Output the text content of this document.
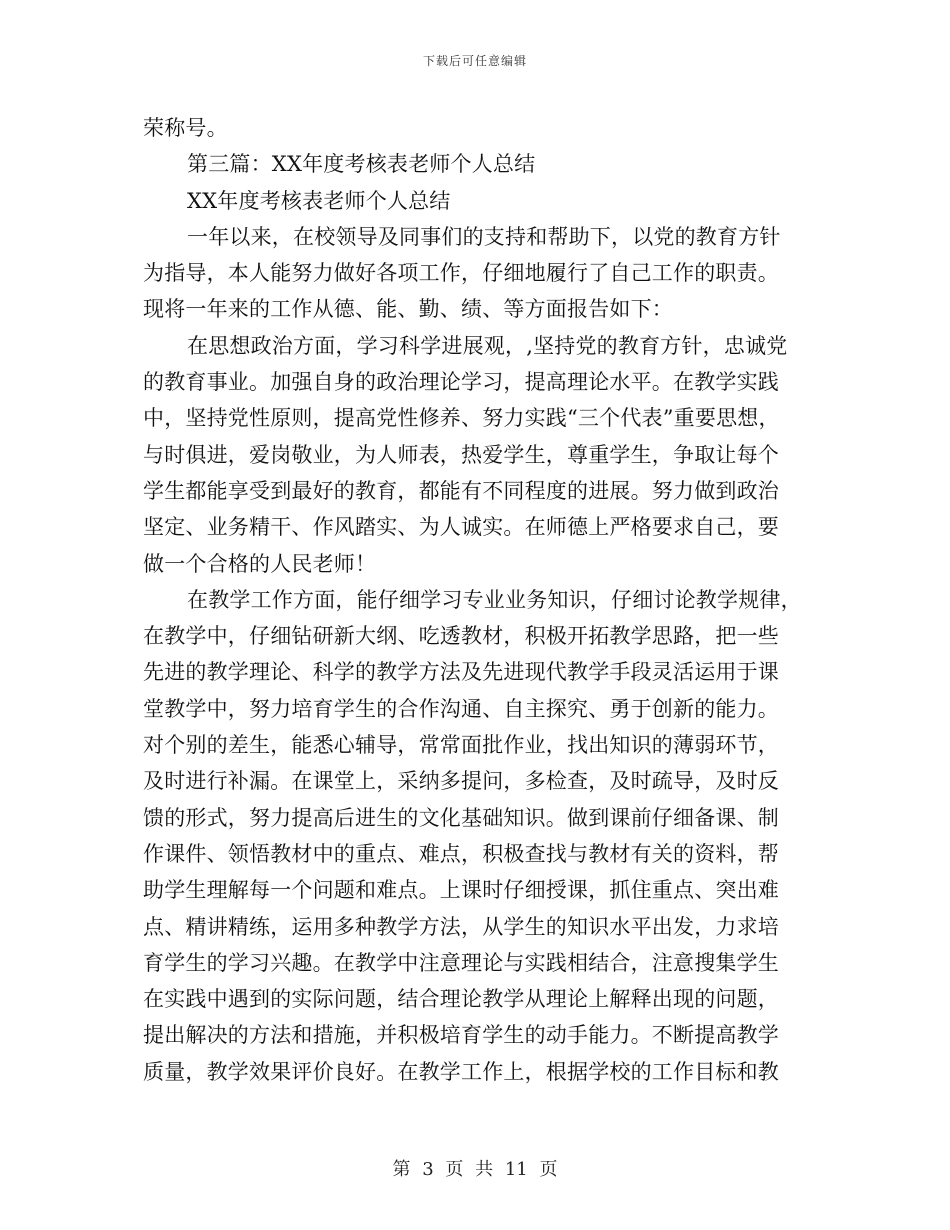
下载后可任意编辑
荣称号。
第三篇：XX年度考核表老师个人总结
XX年度考核表老师个人总结
一年以来，在校领导及同事们的支持和帮助下，以党的教育方针
为指导，本人能努力做好各项工作，仔细地履行了自己工作的职责。
现将一年来的工作从德、能、勤、绩、等方面报告如下：
在思想政治方面，学习科学进展观，,坚持党的教育方针，忠诚党
的教育事业。加强自身的政治理论学习，提高理论水平。在教学实践
中，坚持党性原则，提高党性修养、努力实践“三个代表”重要思想，
与时俱进，爱岗敬业，为人师表，热爱学生，尊重学生，争取让每个
学生都能享受到最好的教育，都能有不同程度的进展。努力做到政治
坚定、业务精干、作风踏实、为人诚实。在师德上严格要求自己，要
做一个合格的人民老师！
在教学工作方面，能仔细学习专业业务知识，仔细讨论教学规律，
在教学中，仔细钻研新大纲、吃透教材，积极开拓教学思路，把一些
先进的教学理论、科学的教学方法及先进现代教学手段灵活运用于课
堂教学中，努力培育学生的合作沟通、自主探究、勇于创新的能力。
对个别的差生，能悉心辅导，常常面批作业，找出知识的薄弱环节，
及时进行补漏。在课堂上，采纳多提问，多检查，及时疏导，及时反
馈的形式，努力提高后进生的文化基础知识。做到课前仔细备课、制
作课件、领悟教材中的重点、难点，积极查找与教材有关的资料，帮
助学生理解每一个问题和难点。上课时仔细授课，抓住重点、突出难
点、精讲精练，运用多种教学方法，从学生的知识水平出发，力求培
育学生的学习兴趣。在教学中注意理论与实践相结合，注意搜集学生
在实践中遇到的实际问题，结合理论教学从理论上解释出现的问题，
提出解决的方法和措施，并积极培育学生的动手能力。不断提高教学
质量，教学效果评价良好。在教学工作上，根据学校的工作目标和教
第 3 页 共 11 页
